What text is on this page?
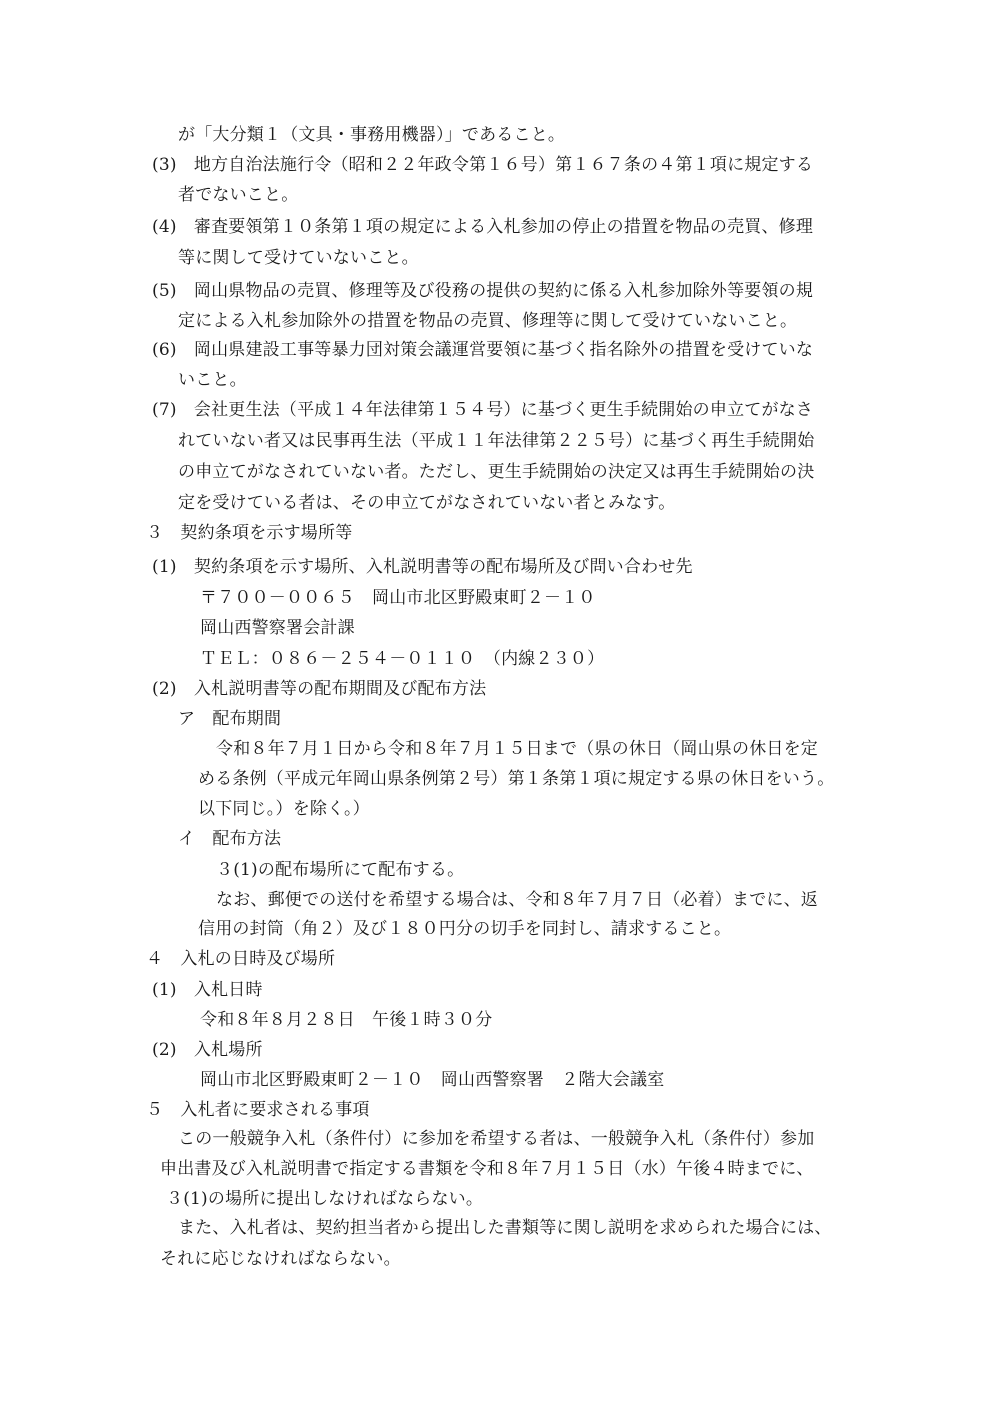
が「大分類１（文具・事務用機器）」であること。
(3)　地方自治法施行令（昭和２２年政令第１６号）第１６７条の４第１項に規定する
者でないこと。
(4)　審査要領第１０条第１項の規定による入札参加の停止の措置を物品の売買、修理
等に関して受けていないこと。
(5)　岡山県物品の売買、修理等及び役務の提供の契約に係る入札参加除外等要領の規
定による入札参加除外の措置を物品の売買、修理等に関して受けていないこと。
(6)　岡山県建設工事等暴力団対策会議運営要領に基づく指名除外の措置を受けていな
いこと。
(7)　会社更生法（平成１４年法律第１５４号）に基づく更生手続開始の申立てがなさ
れていない者又は民事再生法（平成１１年法律第２２５号）に基づく再生手続開始
の申立てがなされていない者。ただし、更生手続開始の決定又は再生手続開始の決
定を受けている者は、その申立てがなされていない者とみなす。
３　契約条項を示す場所等
(1)　契約条項を示す場所、入札説明書等の配布場所及び問い合わせ先
〒７００－００６５　岡山市北区野殿東町２－１０
岡山西警察署会計課
ＴＥＬ：０８６－２５４－０１１０　（内線２３０）
(2)　入札説明書等の配布期間及び配布方法
ア　配布期間
令和８年７月１日から令和８年７月１５日まで（県の休日（岡山県の休日を定
める条例（平成元年岡山県条例第２号）第１条第１項に規定する県の休日をいう。
以下同じ。）を除く。）
イ　配布方法
３(1)の配布場所にて配布する。
なお、郵便での送付を希望する場合は、令和８年７月７日（必着）までに、返
信用の封筒（角２）及び１８０円分の切手を同封し、請求すること。
４　入札の日時及び場所
(1)　入札日時
令和８年８月２８日　午後１時３０分
(2)　入札場所
岡山市北区野殿東町２－１０　岡山西警察署　２階大会議室
５　入札者に要求される事項
この一般競争入札（条件付）に参加を希望する者は、一般競争入札（条件付）参加
申出書及び入札説明書で指定する書類を令和８年７月１５日（水）午後４時までに、
３(1)の場所に提出しなければならない。
また、入札者は、契約担当者から提出した書類等に関し説明を求められた場合には、
それに応じなければならない。
